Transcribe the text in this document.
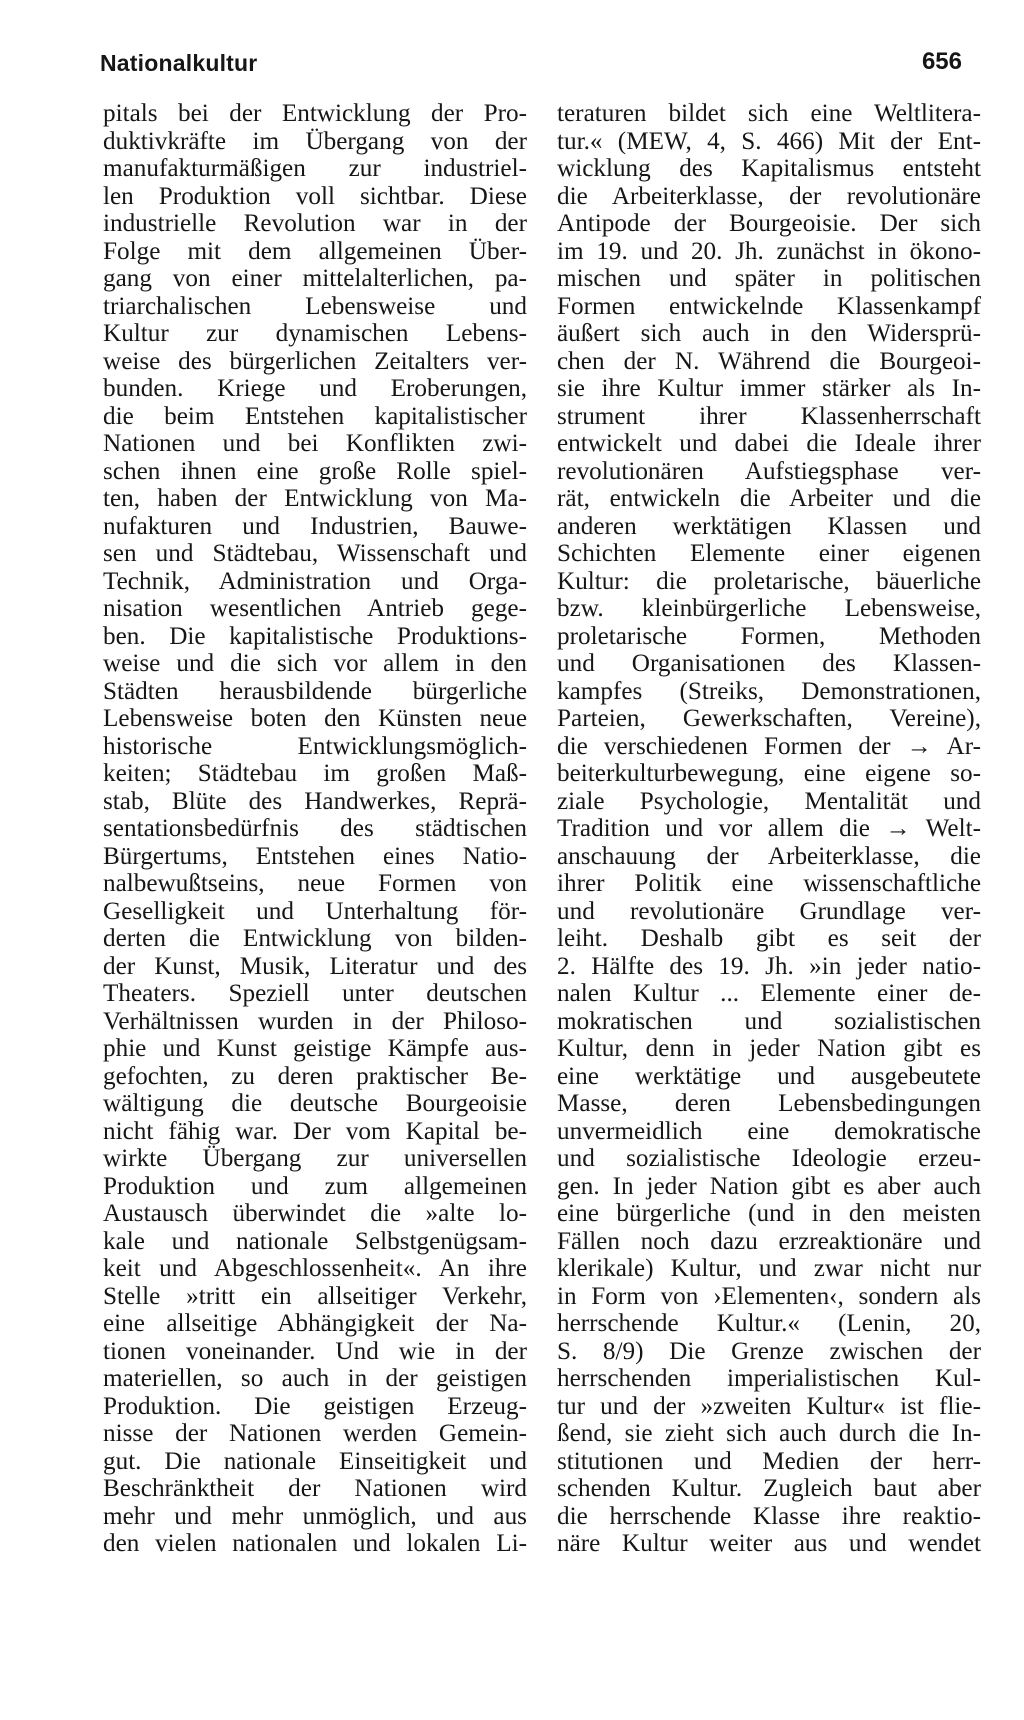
Nationalkultur	656
pitals bei der Entwicklung der Pro-
duktivkräfte im Übergang von der
manufakturmäßigen zur industriel-
len Produktion voll sichtbar. Diese
industrielle Revolution war in der
Folge mit dem allgemeinen Über-
gang von einer mittelalterlichen, pa-
triarchalischen Lebensweise und
Kultur zur dynamischen Lebens-
weise des bürgerlichen Zeitalters ver-
bunden. Kriege und Eroberungen,
die beim Entstehen kapitalistischer
Nationen und bei Konflikten zwi-
schen ihnen eine große Rolle spiel-
ten, haben der Entwicklung von Ma-
nufakturen und Industrien, Bauwe-
sen und Städtebau, Wissenschaft und
Technik, Administration und Orga-
nisation wesentlichen Antrieb gege-
ben. Die kapitalistische Produktions-
weise und die sich vor allem in den
Städten herausbildende bürgerliche
Lebensweise boten den Künsten neue
historische Entwicklungsmöglich-
keiten; Städtebau im großen Maß-
stab, Blüte des Handwerkes, Reprä-
sentationsbedürfnis des städtischen
Bürgertums, Entstehen eines Natio-
nalbewußtseins, neue Formen von
Geselligkeit und Unterhaltung för-
derten die Entwicklung von bilden-
der Kunst, Musik, Literatur und des
Theaters. Speziell unter deutschen
Verhältnissen wurden in der Philoso-
phie und Kunst geistige Kämpfe aus-
gefochten, zu deren praktischer Be-
wältigung die deutsche Bourgeoisie
nicht fähig war. Der vom Kapital be-
wirkte Übergang zur universellen
Produktion und zum allgemeinen
Austausch überwindet die »alte lo-
kale und nationale Selbstgenügsam-
keit und Abgeschlossenheit«. An ihre
Stelle »tritt ein allseitiger Verkehr,
eine allseitige Abhängigkeit der Na-
tionen voneinander. Und wie in der
materiellen, so auch in der geistigen
Produktion. Die geistigen Erzeug-
nisse der Nationen werden Gemein-
gut. Die nationale Einseitigkeit und
Beschränktheit der Nationen wird
mehr und mehr unmöglich, und aus
den vielen nationalen und lokalen Li-
teraturen bildet sich eine Weltlitera-
tur.« (MEW, 4, S. 466) Mit der Ent-
wicklung des Kapitalismus entsteht
die Arbeiterklasse, der revolutionäre
Antipode der Bourgeoisie. Der sich
im 19. und 20. Jh. zunächst in ökono-
mischen und später in politischen
Formen entwickelnde Klassenkampf
äußert sich auch in den Widersprü-
chen der N. Während die Bourgeoi-
sie ihre Kultur immer stärker als In-
strument ihrer Klassenherrschaft
entwickelt und dabei die Ideale ihrer
revolutionären Aufstiegsphase ver-
rät, entwickeln die Arbeiter und die
anderen werktätigen Klassen und
Schichten Elemente einer eigenen
Kultur: die proletarische, bäuerliche
bzw. kleinbürgerliche Lebensweise,
proletarische Formen, Methoden
und Organisationen des Klassen-
kampfes (Streiks, Demonstrationen,
Parteien, Gewerkschaften, Vereine),
die verschiedenen Formen der → Ar-
beiterkulturbewegung, eine eigene so-
ziale Psychologie, Mentalität und
Tradition und vor allem die → Welt-
anschauung der Arbeiterklasse, die
ihrer Politik eine wissenschaftliche
und revolutionäre Grundlage ver-
leiht. Deshalb gibt es seit der
2. Hälfte des 19. Jh. »in jeder natio-
nalen Kultur ... Elemente einer de-
mokratischen und sozialistischen
Kultur, denn in jeder Nation gibt es
eine werktätige und ausgebeutete
Masse, deren Lebensbedingungen
unvermeidlich eine demokratische
und sozialistische Ideologie erzeu-
gen. In jeder Nation gibt es aber auch
eine bürgerliche (und in den meisten
Fällen noch dazu erzreaktionäre und
klerikale) Kultur, und zwar nicht nur
in Form von ›Elementen‹, sondern als
herrschende Kultur.« (Lenin, 20,
S. 8/9) Die Grenze zwischen der
herrschenden imperialistischen Kul-
tur und der »zweiten Kultur« ist flie-
ßend, sie zieht sich auch durch die In-
stitutionen und Medien der herr-
schenden Kultur. Zugleich baut aber
die herrschende Klasse ihre reaktio-
näre Kultur weiter aus und wendet
